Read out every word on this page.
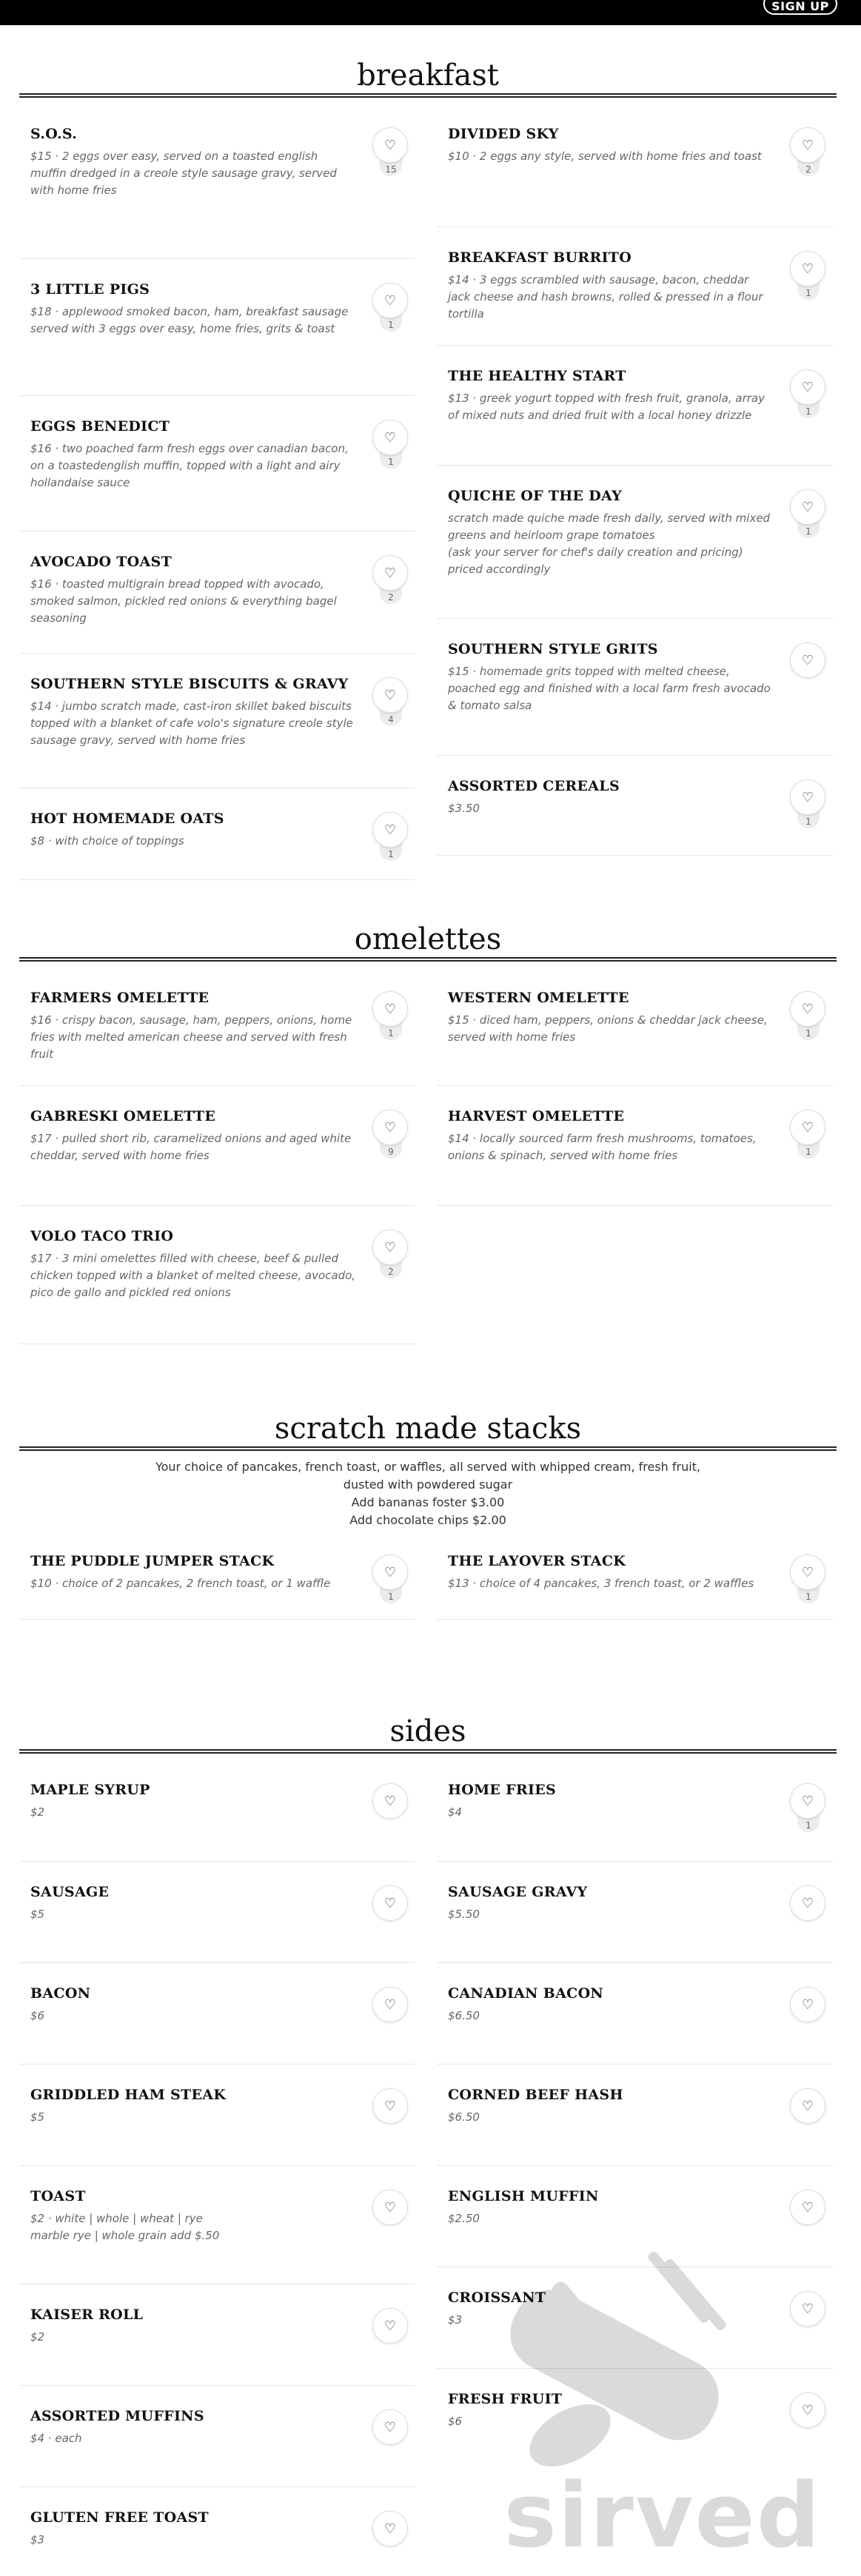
SIGN UP
breakfast
S.O.S.
$15 · 2 eggs over easy, served on a toasted english muffin dredged in a creole style sausage gravy, served with home fries
15
♡
3 LITTLE PIGS
$18 · applewood smoked bacon, ham, breakfast sausage served with 3 eggs over easy, home fries, grits & toast	1
♡
EGGS BENEDICT
$16 · two poached farm fresh eggs over canadian bacon, on a toastedenglish muffin, topped with a light and airy hollandaise sauce
1
♡
AVOCADO TOAST
$16 · toasted multigrain bread topped with avocado, smoked salmon, pickled red onions & everything bagel seasoning
2
♡
SOUTHERN STYLE BISCUITS & GRAVY
$14 · jumbo scratch made, cast-iron skillet baked biscuits topped with a blanket of cafe volo's signature creole style sausage gravy, served with home fries
4
♡
HOT HOMEMADE OATS
$8 · with choice of toppings
1
♡
DIVIDED SKY
$10 · 2 eggs any style, served with home fries and toast
2
♡
BREAKFAST BURRITO
$14 · 3 eggs scrambled with sausage, bacon, cheddar jack cheese and hash browns, rolled & pressed in a flour tortilla
1
♡
THE HEALTHY START
$13 · greek yogurt topped with fresh fruit, granola, array of mixed nuts and dried fruit with a local honey drizzle	1
♡
QUICHE OF THE DAY
scratch made quiche made fresh daily, served with mixed greens and heirloom grape tomatoes
(ask your server for chef's daily creation and pricing)
priced accordingly
1
♡
SOUTHERN STYLE GRITS
$15 · homemade grits topped with melted cheese, poached egg and finished with a local farm fresh avocado & tomato salsa
♡
ASSORTED CEREALS
$3.50
1
♡
omelettes
FARMERS OMELETTE
$16 · crispy bacon, sausage, ham, peppers, onions, home fries with melted american cheese and served with fresh fruit
1
♡
GABRESKI OMELETTE
$17 · pulled short rib, caramelized onions and aged white cheddar, served with home fries	9
♡
VOLO TACO TRIO
$17 · 3 mini omelettes filled with cheese, beef & pulled chicken topped with a blanket of melted cheese, avocado, pico de gallo and pickled red onions
2
♡
WESTERN OMELETTE
$15 · diced ham, peppers, onions & cheddar jack cheese, served with home fries	1
♡
HARVEST OMELETTE
$14 · locally sourced farm fresh mushrooms, tomatoes, onions & spinach, served with home fries	1
♡
scratch made stacks
Your choice of pancakes, french toast, or waffles, all served with whipped cream, fresh fruit,
dusted with powdered sugar
Add bananas foster $3.00
Add chocolate chips $2.00
THE PUDDLE JUMPER STACK
$10 · choice of 2 pancakes, 2 french toast, or 1 waffle
1
♡
THE LAYOVER STACK
$13 · choice of 4 pancakes, 3 french toast, or 2 waffles
1
♡
sides
MAPLE SYRUP
$2
♡
SAUSAGE
$5
♡
BACON
$6
♡
GRIDDLED HAM STEAK
$5
♡
TOAST
$2 · white | whole | wheat | rye
marble rye | whole grain add $.50
♡
KAISER ROLL
$2
♡
ASSORTED MUFFINS
$4 · each
♡
GLUTEN FREE TOAST
$3
♡
HOME FRIES
$4
1
♡
SAUSAGE GRAVY
$5.50
♡
CANADIAN BACON
$6.50
♡
CORNED BEEF HASH
$6.50
♡
ENGLISH MUFFIN
$2.50
♡
CROISSANT
$3
♡
FRESH FRUIT
$6
♡
sirved
